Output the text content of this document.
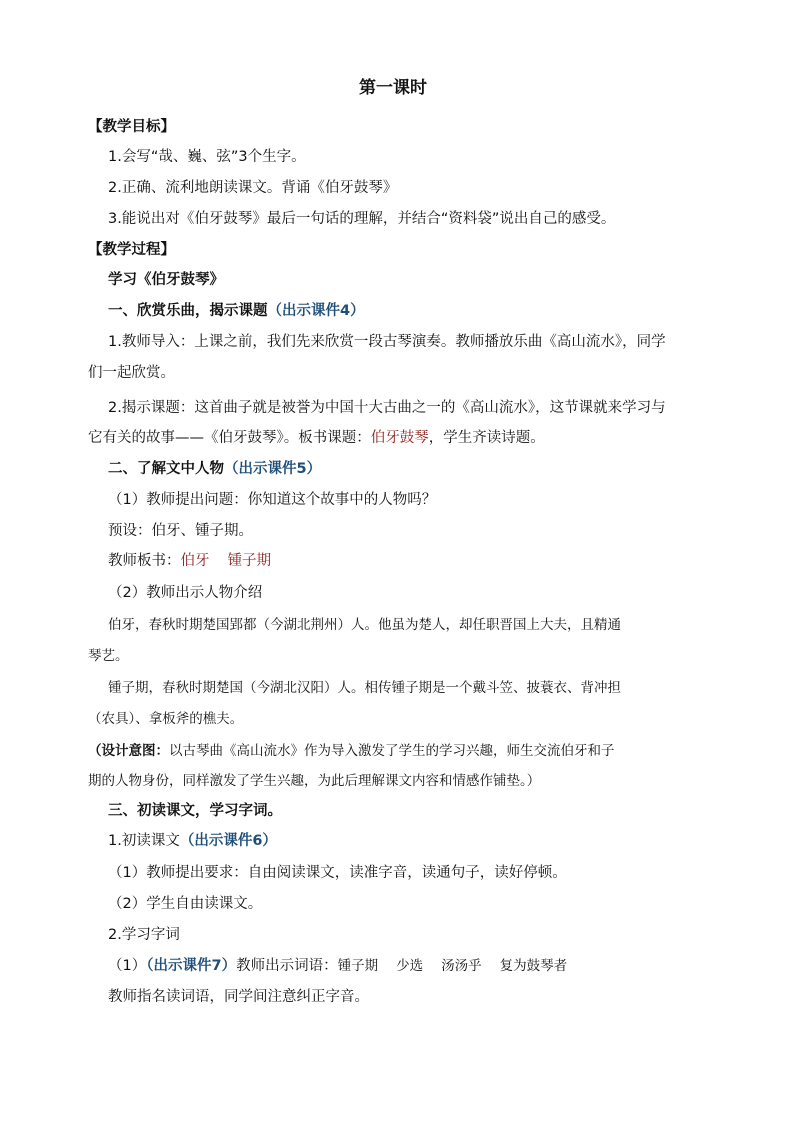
第一课时
【教学目标】
1.会写“哉、巍、弦”3个生字。
2.正确、流利地朗读课文。背诵《伯牙鼓琴》
3.能说出对《伯牙鼓琴》最后一句话的理解，并结合“资料袋”说出自己的感受。
【教学过程】
学习《伯牙鼓琴》
一、欣赏乐曲，揭示课题（出示课件4）
1.教师导入：上课之前，我们先来欣赏一段古琴演奏。教师播放乐曲《高山流水》，同学
们一起欣赏。
2.揭示课题：这首曲子就是被誉为中国十大古曲之一的《高山流水》，这节课就来学习与
它有关的故事——《伯牙鼓琴》。板书课题：伯牙鼓琴，学生齐读诗题。
二、了解文中人物（出示课件5）
（1）教师提出问题：你知道这个故事中的人物吗？
预设：伯牙、锺子期。
教师板书：伯牙 锺子期
（2）教师出示人物介绍
伯牙，春秋时期楚国郢都（今湖北荆州）人。他虽为楚人，却任职晋国上大夫，且精通
琴艺。
锺子期，春秋时期楚国（今湖北汉阳）人。相传锺子期是一个戴斗笠、披蓑衣、背冲担
（农具）、拿板斧的樵夫。
（设计意图：以古琴曲《高山流水》作为导入激发了学生的学习兴趣，师生交流伯牙和子
期的人物身份，同样激发了学生兴趣，为此后理解课文内容和情感作铺垫。）
三、初读课文，学习字词。
1.初读课文（出示课件6）
（1）教师提出要求：自由阅读课文，读准字音，读通句子，读好停顿。
（2）学生自由读课文。
2.学习字词
（1）（出示课件7）教师出示词语：锺子期 少选 汤汤乎 复为鼓琴者
教师指名读词语，同学间注意纠正字音。
